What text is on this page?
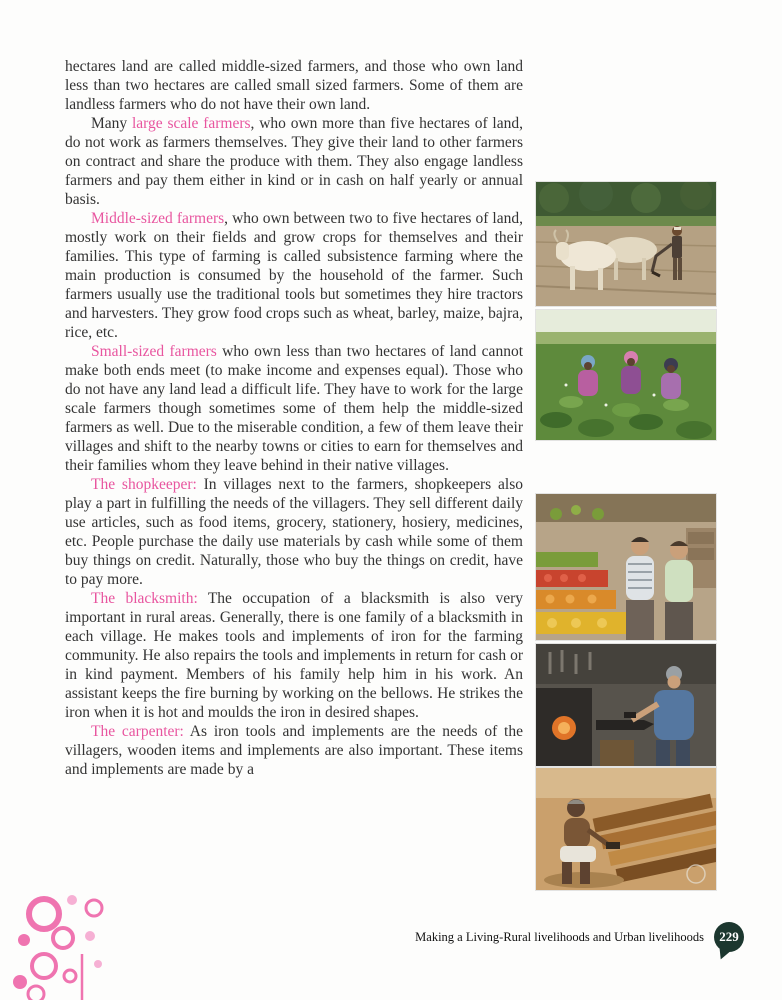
hectares land are called middle-sized farmers, and those who own land less than two hectares are called small sized farmers. Some of them are landless farmers who do not have their own land.

Many large scale farmers, who own more than five hectares of land, do not work as farmers themselves. They give their land to other farmers on contract and share the produce with them. They also engage landless farmers and pay them either in kind or in cash on half yearly or annual basis.

Middle-sized farmers, who own between two to five hectares of land, mostly work on their fields and grow crops for themselves and their families. This type of farming is called subsistence farming where the main production is consumed by the household of the farmer. Such farmers usually use the traditional tools but sometimes they hire tractors and harvesters. They grow food crops such as wheat, barley, maize, bajra, rice, etc.

Small-sized farmers who own less than two hectares of land cannot make both ends meet (to make income and expenses equal). Those who do not have any land lead a difficult life. They have to work for the large scale farmers though sometimes some of them help the middle-sized farmers as well. Due to the miserable condition, a few of them leave their villages and shift to the nearby towns or cities to earn for themselves and their families whom they leave behind in their native villages.

The shopkeeper: In villages next to the farmers, shopkeepers also play a part in fulfilling the needs of the villagers. They sell different daily use articles, such as food items, grocery, stationery, hosiery, medicines, etc. People purchase the daily use materials by cash while some of them buy things on credit. Naturally, those who buy the things on credit, have to pay more.

The blacksmith: The occupation of a blacksmith is also very important in rural areas. Generally, there is one family of a blacksmith in each village. He makes tools and implements of iron for the farming community. He also repairs the tools and implements in return for cash or in kind payment. Members of his family help him in his work. An assistant keeps the fire burning by working on the bellows. He strikes the iron when it is hot and moulds the iron in desired shapes.

The carpenter: As iron tools and implements are the needs of the villagers, wooden items and implements are also important. These items and implements are made by a

Making a Living-Rural livelihoods and Urban livelihoods 229
